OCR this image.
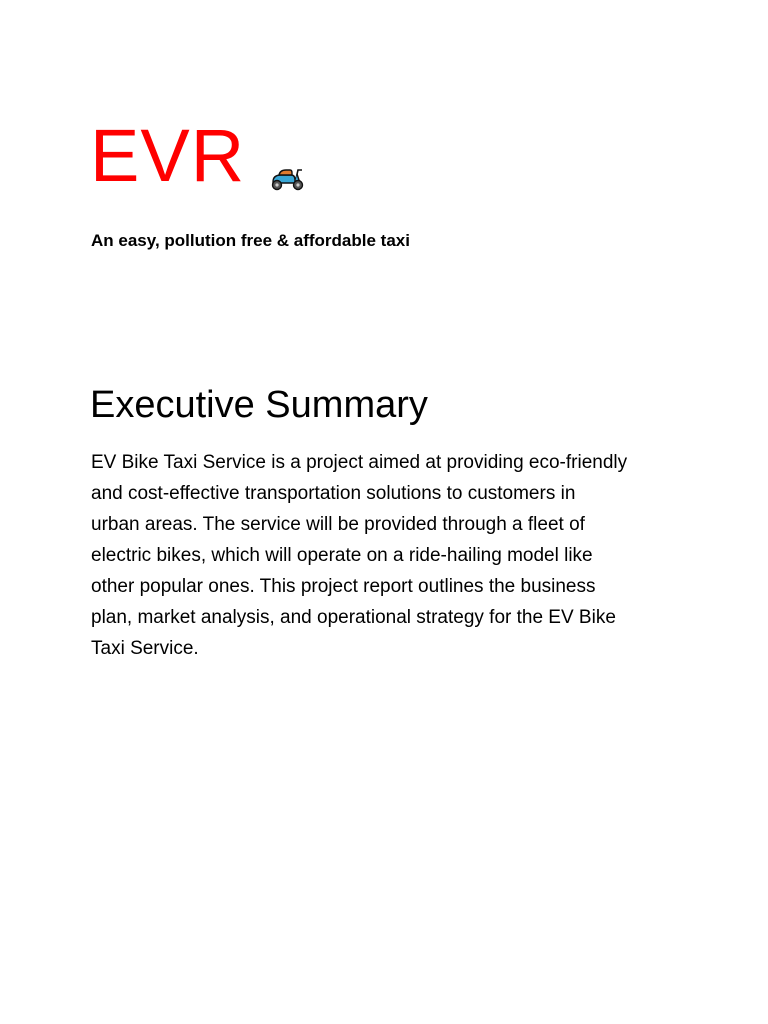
EVR
An easy, pollution free & affordable taxi
Executive Summary
EV Bike Taxi Service is a project aimed at providing eco-friendly
and cost-effective transportation solutions to customers in
urban areas. The service will be provided through a fleet of
electric bikes, which will operate on a ride-hailing model like
other popular ones. This project report outlines the business
plan, market analysis, and operational strategy for the EV Bike
Taxi Service.
